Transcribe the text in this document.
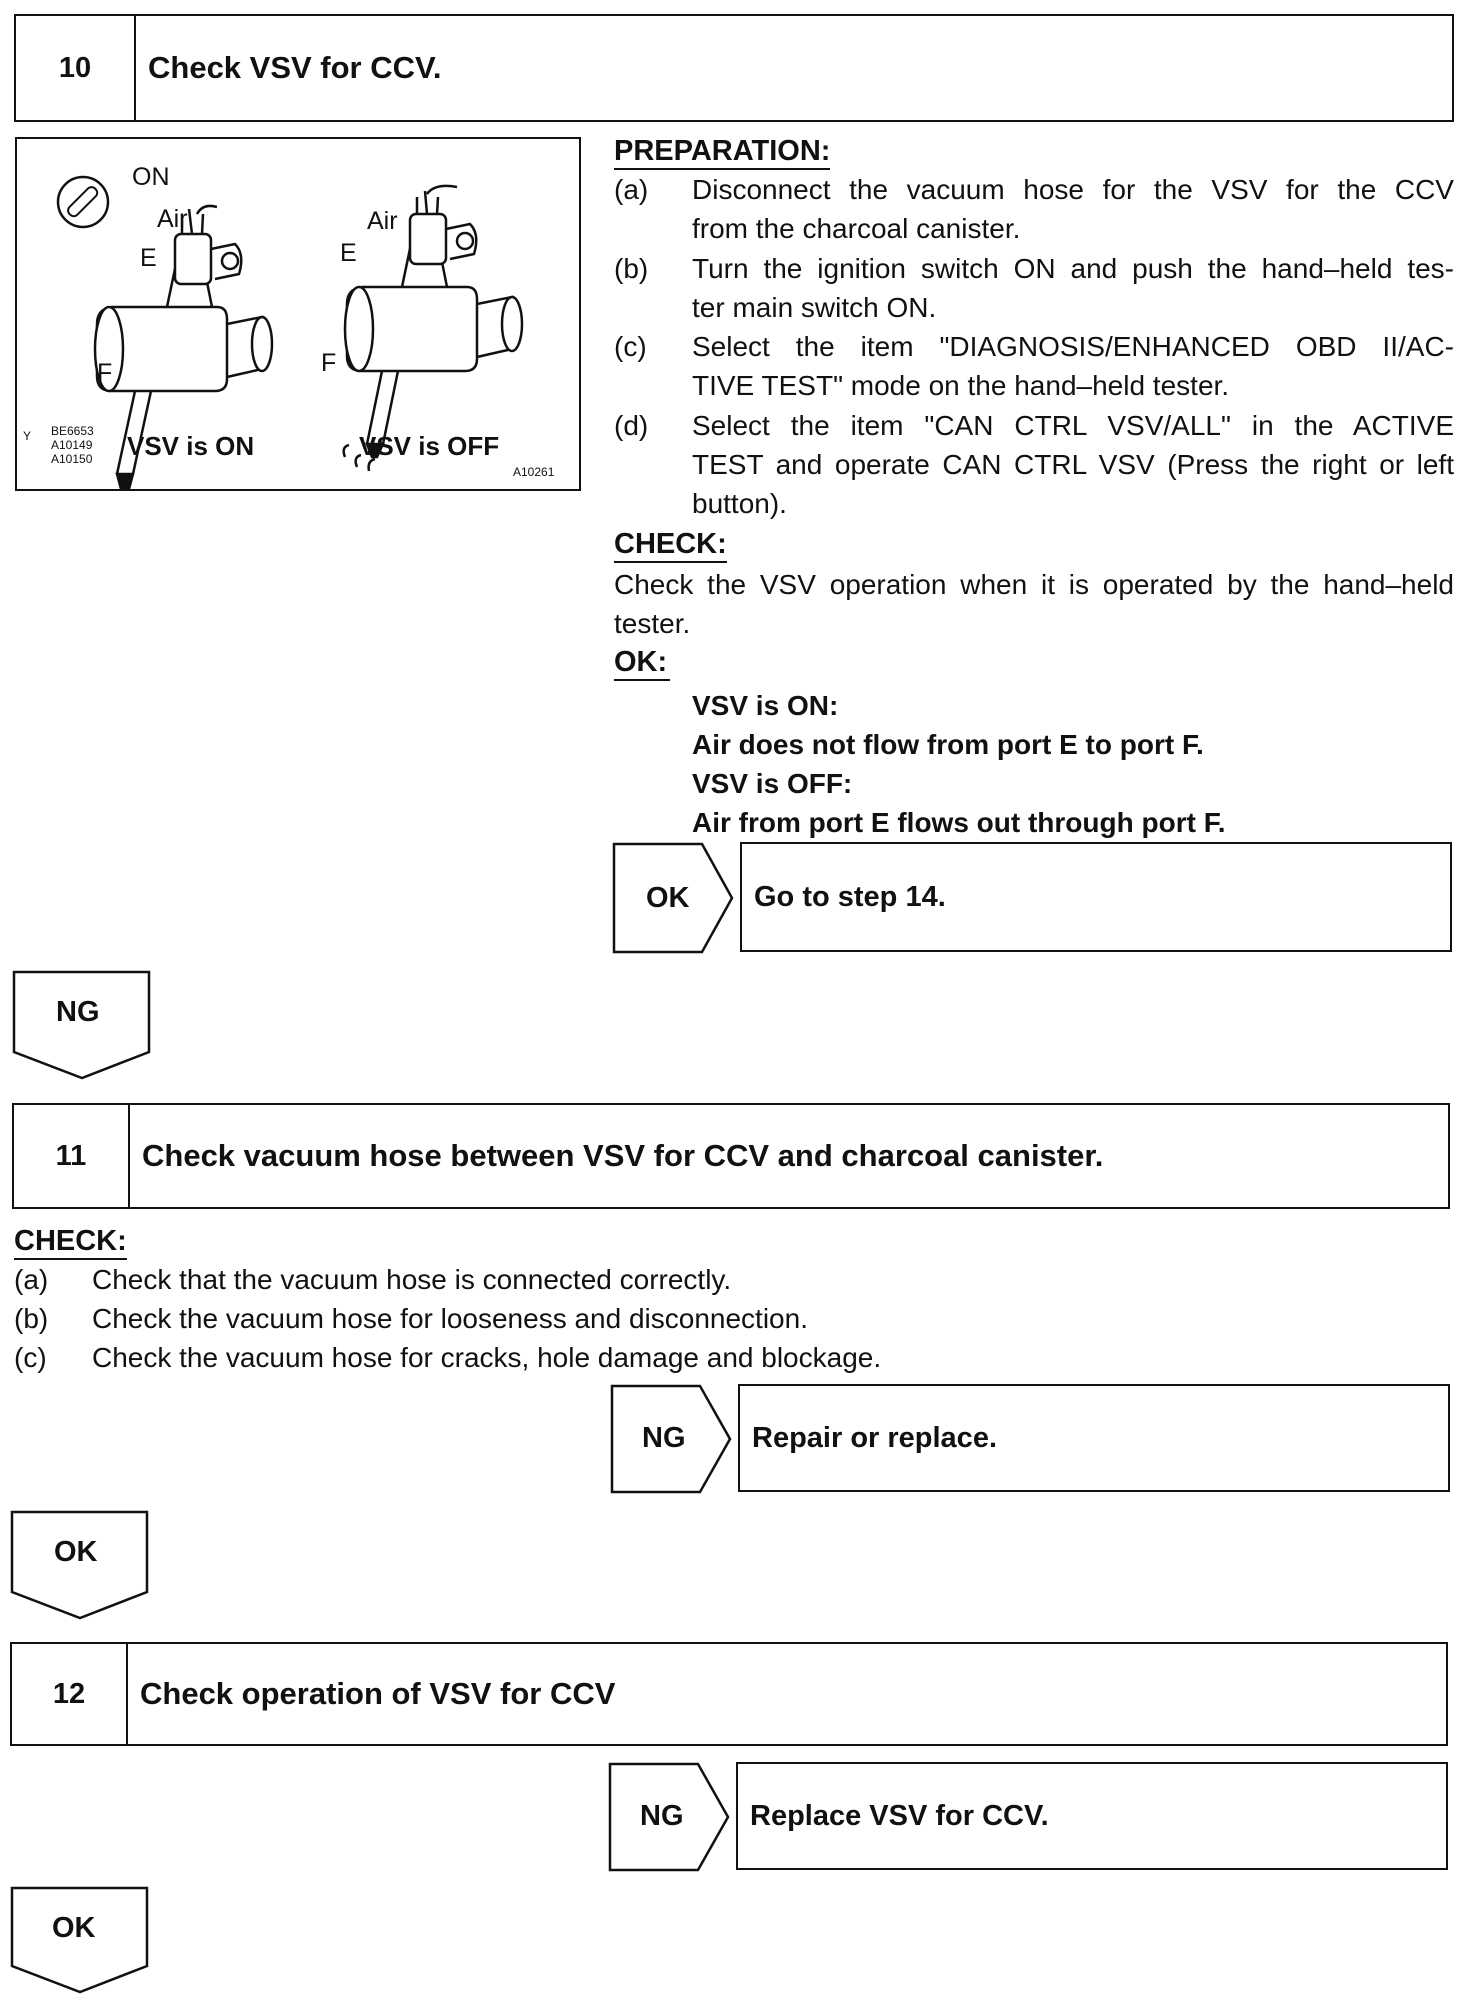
10	Check VSV for CCV.
ON
Air	Air
E	E
F	F
VSV is ON	VSV is OFF
Y BE6653
A10149
A10150
A10261
PREPARATION:
(a) Disconnect the vacuum hose for the VSV for the CCV
from the charcoal canister.
(b) Turn the ignition switch ON and push the hand–held tes-
ter main switch ON.
(c) Select the item "DIAGNOSIS/ENHANCED OBD II/AC-
TIVE TEST" mode on the hand–held tester.
(d) Select the item "CAN CTRL VSV/ALL" in the ACTIVE
TEST and operate CAN CTRL VSV (Press the right or left
button).
CHECK:
Check the VSV operation when it is operated by the hand–held
tester.
OK:
VSV is ON:
Air does not flow from port E to port F.
VSV is OFF:
Air from port E flows out through port F.
OK	Go to step 14.
NG
11	Check vacuum hose between VSV for CCV and charcoal canister.
CHECK:
(a) Check that the vacuum hose is connected correctly.
(b) Check the vacuum hose for looseness and disconnection.
(c) Check the vacuum hose for cracks, hole damage and blockage.
NG	Repair or replace.
OK
12	Check operation of VSV for CCV
NG	Replace VSV for CCV.
OK
